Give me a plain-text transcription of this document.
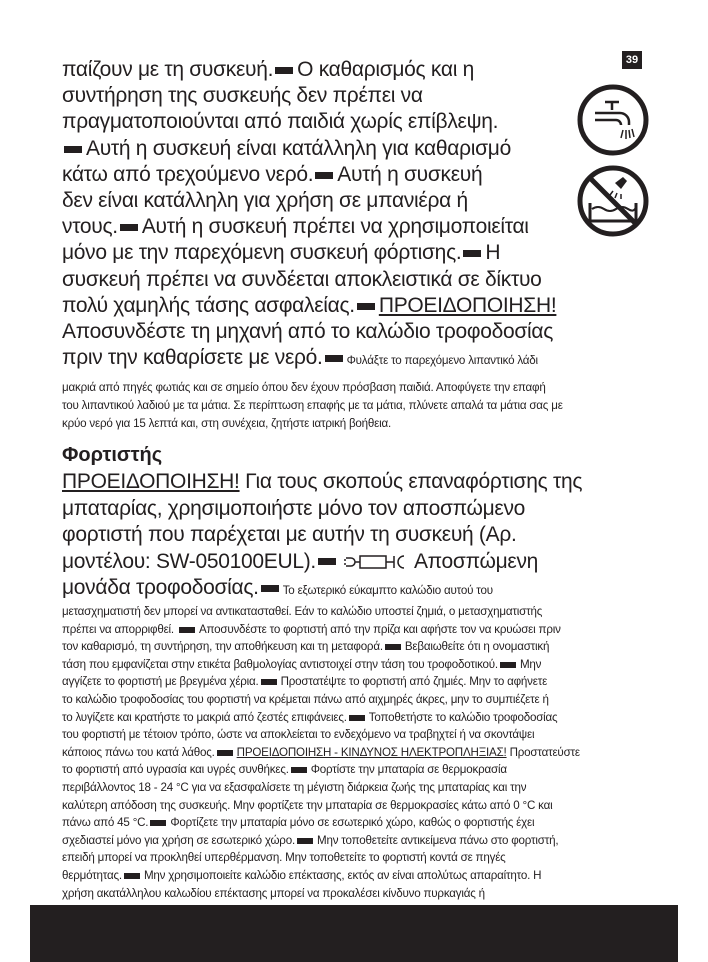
39
παίζουν με τη συσκευή. Ο καθαρισμός και η
συντήρηση της συσκευής δεν πρέπει να
πραγματοποιούνται από παιδιά χωρίς επίβλεψη.
Αυτή η συσκευή είναι κατάλληλη για καθαρισμό
κάτω από τρεχούμενο νερό. Αυτή η συσκευή
δεν είναι κατάλληλη για χρήση σε μπανιέρα ή
ντους. Αυτή η συσκευή πρέπει να χρησιμοποιείται
μόνο με την παρεχόμενη συσκευή φόρτισης. Η
συσκευή πρέπει να συνδέεται αποκλειστικά σε δίκτυο
πολύ χαμηλής τάσης ασφαλείας. ΠΡΟΕΙΔΟΠΟΙΗΣΗ!
Αποσυνδέστε τη μηχανή από το καλώδιο τροφοδοσίας
πριν την καθαρίσετε με νερό. Φυλάξτε το παρεχόμενο λιπαντικό λάδι
μακριά από πηγές φωτιάς και σε σημείο όπου δεν έχουν πρόσβαση παιδιά. Αποφύγετε την επαφή
του λιπαντικού λαδιού με τα μάτια. Σε περίπτωση επαφής με τα μάτια, πλύνετε απαλά τα μάτια σας με
κρύο νερό για 15 λεπτά και, στη συνέχεια, ζητήστε ιατρική βοήθεια.
Φορτιστής
ΠΡΟΕΙΔΟΠΟΙΗΣΗ! Για τους σκοπούς επαναφόρτισης της
μπαταρίας, χρησιμοποιήστε μόνο τον αποσπώμενο
φορτιστή που παρέχεται με αυτήν τη συσκευή (Αρ.
μοντέλου: SW-050100EUL).	Αποσπώμενη
μονάδα τροφοδοσίας. Το εξωτερικό εύκαμπτο καλώδιο αυτού του
μετασχηματιστή δεν μπορεί να αντικατασταθεί. Εάν το καλώδιο υποστεί ζημιά, ο μετασχηματιστής
πρέπει να απορριφθεί. Αποσυνδέστε το φορτιστή από την πρίζα και αφήστε τον να κρυώσει πριν
τον καθαρισμό, τη συντήρηση, την αποθήκευση και τη μεταφορά. Βεβαιωθείτε ότι η ονομαστική
τάση που εμφανίζεται στην ετικέτα βαθμολογίας αντιστοιχεί στην τάση του τροφοδοτικού. Μην
αγγίζετε το φορτιστή με βρεγμένα χέρια. Προστατέψτε το φορτιστή από ζημιές. Μην το αφήνετε
το καλώδιο τροφοδοσίας του φορτιστή να κρέμεται πάνω από αιχμηρές άκρες, μην το συμπιέζετε ή
το λυγίζετε και κρατήστε το μακριά από ζεστές επιφάνειες. Τοποθετήστε το καλώδιο τροφοδοσίας
του φορτιστή με τέτοιον τρόπο, ώστε να αποκλείεται το ενδεχόμενο να τραβηχτεί ή να σκοντάψει
κάποιος πάνω του κατά λάθος. ΠΡΟΕΙΔΟΠΟΙΗΣΗ - ΚΙΝΔΥΝΟΣ ΗΛΕΚΤΡΟΠΛΗΞΙΑΣ! Προστατεύστε
το φορτιστή από υγρασία και υγρές συνθήκες. Φορτίστε την μπαταρία σε θερμοκρασία
περιβάλλοντος 18 - 24 °C για να εξασφαλίσετε τη μέγιστη διάρκεια ζωής της μπαταρίας και την
καλύτερη απόδοση της συσκευής. Μην φορτίζετε την μπαταρία σε θερμοκρασίες κάτω από 0 °C και
πάνω από 45 °C. Φορτίζετε την μπαταρία μόνο σε εσωτερικό χώρο, καθώς ο φορτιστής έχει
σχεδιαστεί μόνο για χρήση σε εσωτερικό χώρο. Μην τοποθετείτε αντικείμενα πάνω στο φορτιστή,
επειδή μπορεί να προκληθεί υπερθέρμανση. Μην τοποθετείτε το φορτιστή κοντά σε πηγές
θερμότητας. Μην χρησιμοποιείτε καλώδιο επέκτασης, εκτός αν είναι απολύτως απαραίτητο. Η
χρήση ακατάλληλου καλωδίου επέκτασης μπορεί να προκαλέσει κίνδυνο πυρκαγιάς ή
